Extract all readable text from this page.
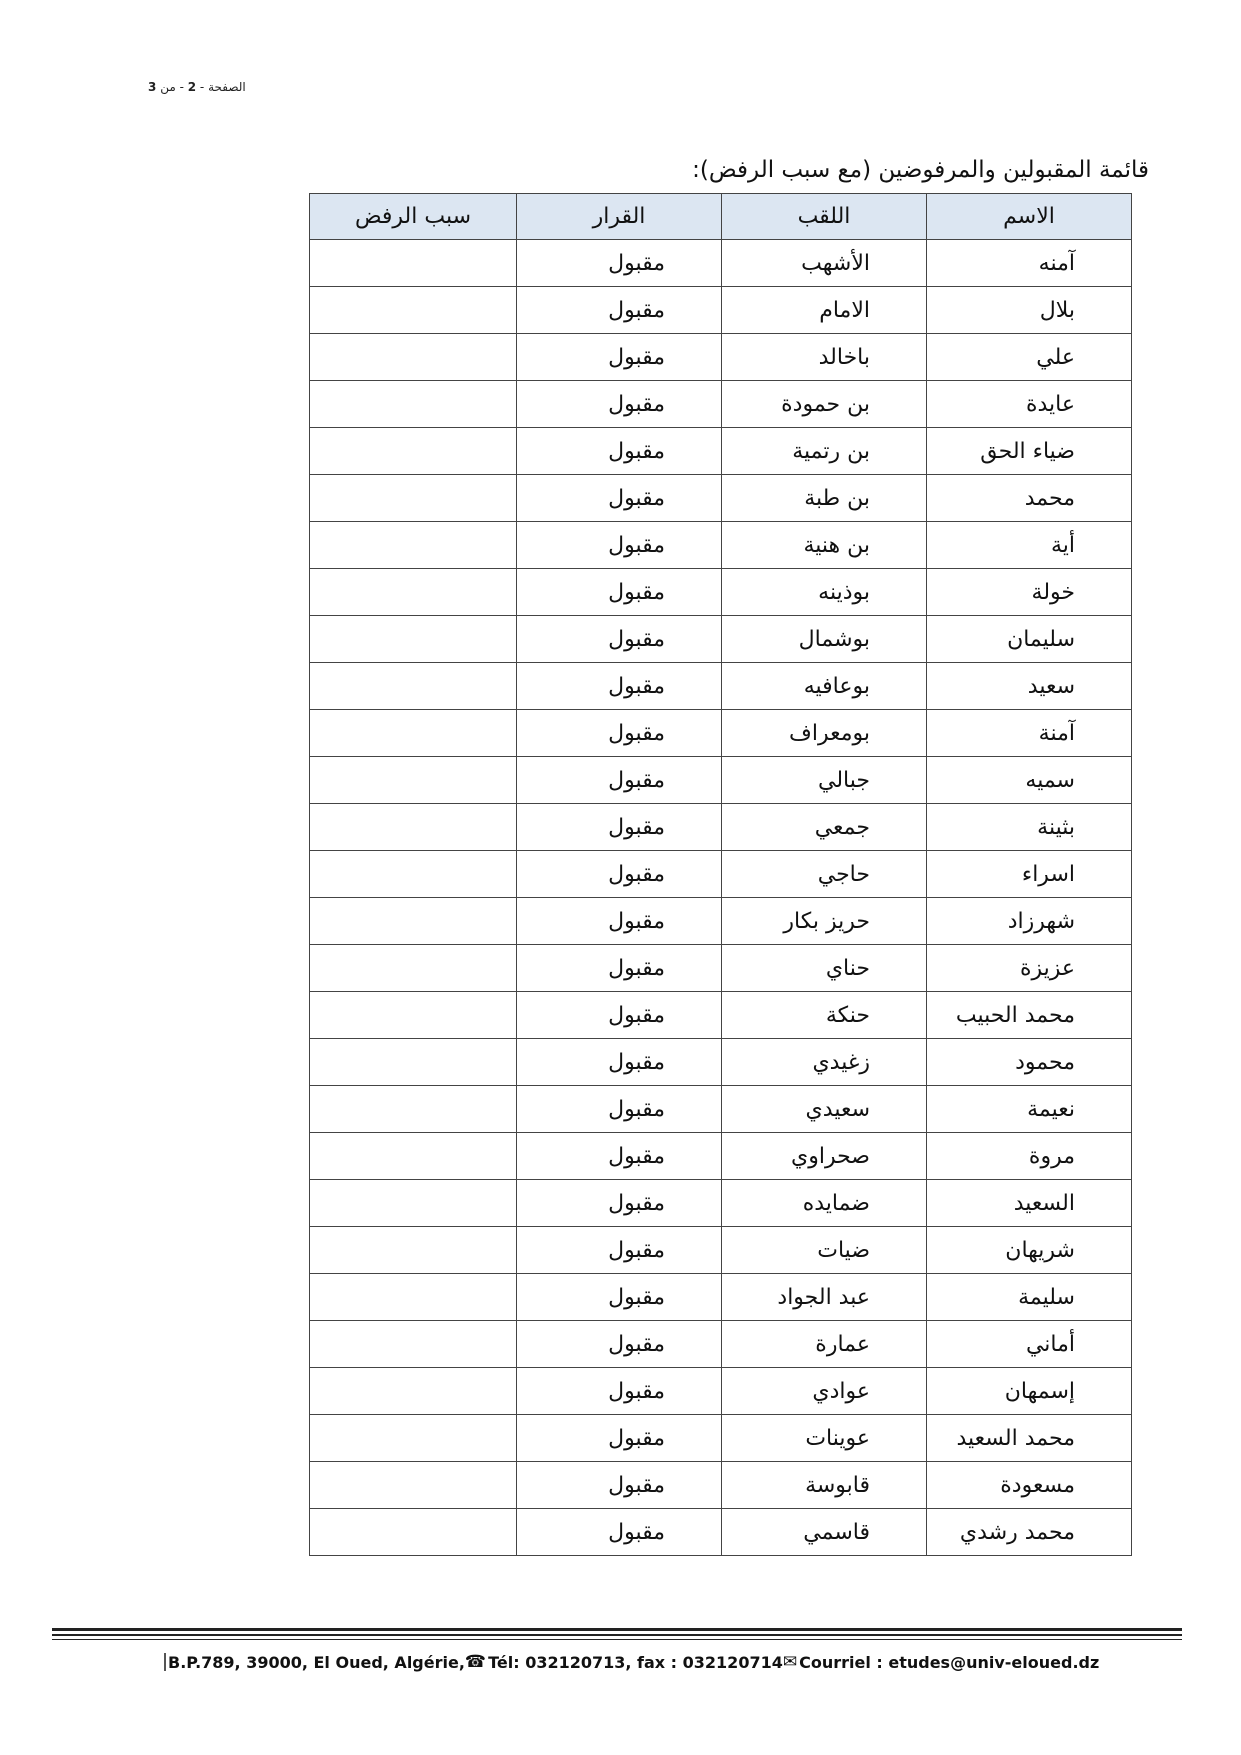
الصفحة - 2 - من 3
قائمة المقبولين والمرفوضين (مع سبب الرفض):
الاسم	اللقب	القرار	سبب الرفض
آمنه	الأشهب	مقبول	
بلال	الامام	مقبول	
علي	باخالد	مقبول	
عايدة	بن حمودة	مقبول	
ضياء الحق	بن رتمية	مقبول	
محمد	بن طبة	مقبول	
أية	بن هنية	مقبول	
خولة	بوذينه	مقبول	
سليمان	بوشمال	مقبول	
سعيد	بوعافيه	مقبول	
آمنة	بومعراف	مقبول	
سميه	جبالي	مقبول	
بثينة	جمعي	مقبول	
اسراء	حاجي	مقبول	
شهرزاد	حريز بكار	مقبول	
عزيزة	حناي	مقبول	
محمد الحبيب	حنكة	مقبول	
محمود	زغيدي	مقبول	
نعيمة	سعيدي	مقبول	
مروة	صحراوي	مقبول	
السعيد	ضمايده	مقبول	
شريهان	ضيات	مقبول	
سليمة	عبد الجواد	مقبول	
أماني	عمارة	مقبول	
إسمهان	عوادي	مقبول	
محمد السعيد	عوينات	مقبول	
مسعودة	قابوسة	مقبول	
محمد رشدي	قاسمي	مقبول	
B.P.789, 39000, El Oued, Algérie, ☎ Tél: 032120713, fax : 032120714 ✉ Courriel : etudes@univ-eloued.dz
